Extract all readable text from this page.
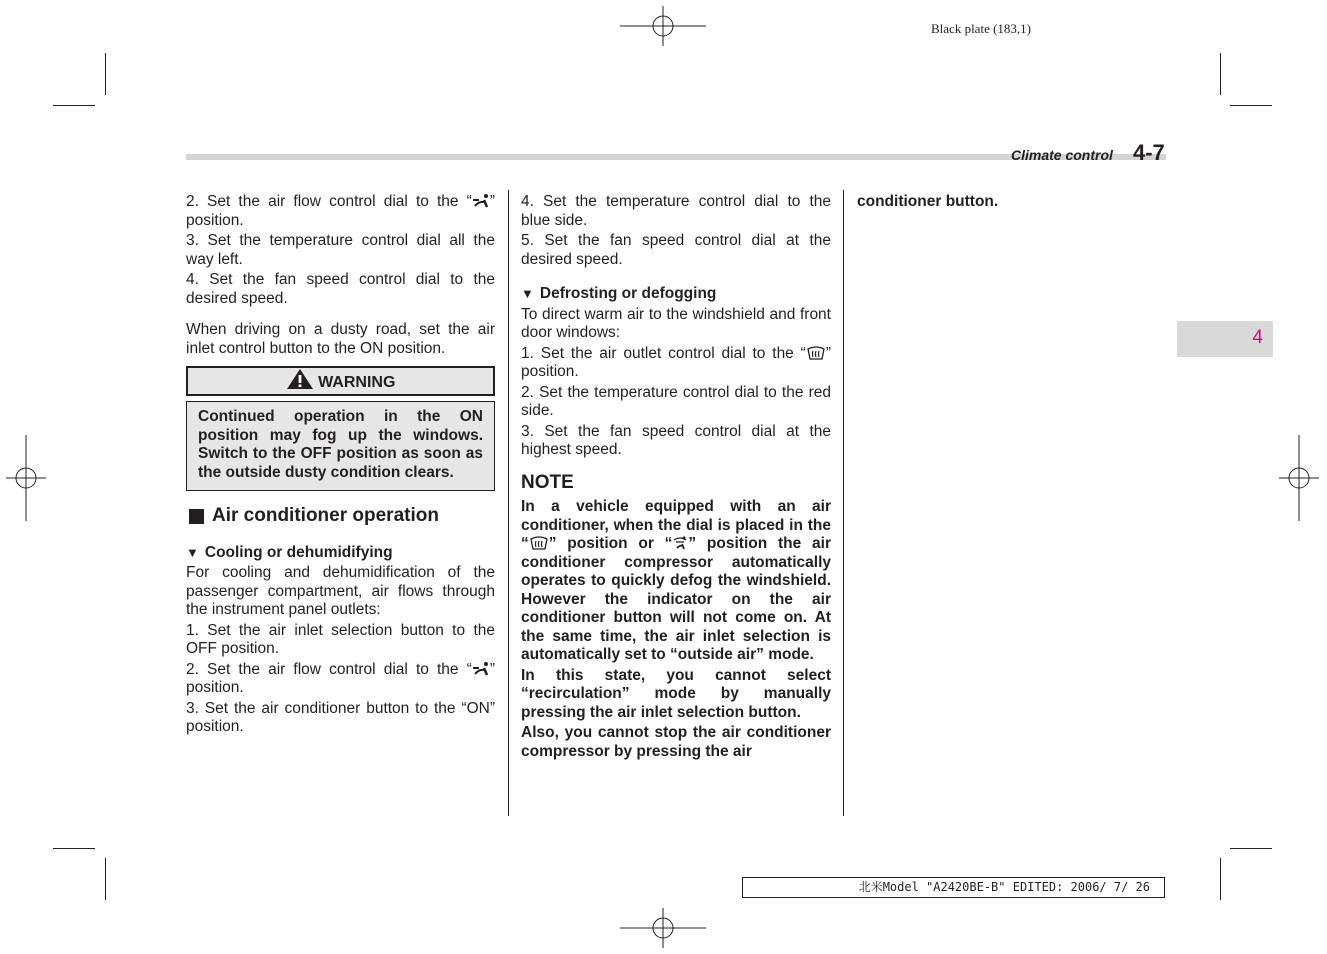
Black plate (183,1)
Climate control 4-7
4

2. Set the air flow control dial to the “ ” position.

3. Set the temperature control dial all the way left.

4. Set the fan speed control dial to the desired speed.

When driving on a dusty road, set the air inlet control button to the ON position.

WARNING
Continued operation in the ON position may fog up the windows. Switch to the OFF position as soon as the outside dusty condition clears.
Air conditioner operation

▼ Cooling or dehumidifying

For cooling and dehumidification of the passenger compartment, air flows through the instrument panel outlets:

1. Set the air inlet selection button to the OFF position.

2. Set the air flow control dial to the “ ” position.

3. Set the air conditioner button to the “ON” position.

4. Set the temperature control dial to the blue side.

5. Set the fan speed control dial at the desired speed.

▼ Defrosting or defogging

To direct warm air to the windshield and front door windows:

1. Set the air outlet control dial to the “ ” position.

2. Set the temperature control dial to the red side.

3. Set the fan speed control dial at the highest speed.

NOTE

In a vehicle equipped with an air conditioner, when the dial is placed in the “ ” position or “ ” position the air conditioner compressor automatically operates to quickly defog the windshield. However the indicator on the air conditioner button will not come on. At the same time, the air inlet selection is automatically set to “outside air” mode.

In this state, you cannot select “recirculation” mode by manually pressing the air inlet selection button.

Also, you cannot stop the air conditioner compressor by pressing the air

conditioner button.

北米Model "A2420BE-B" EDITED: 2006/ 7/ 26
